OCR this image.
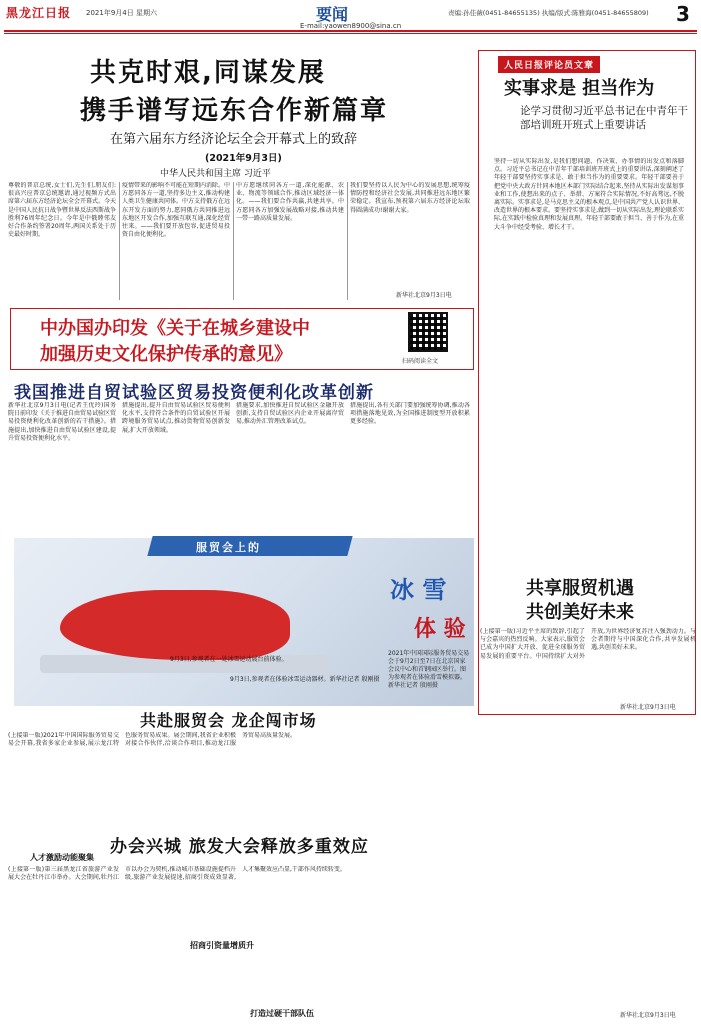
黑龙江日报 2021年9月4日 星期六	要闻
E-mail:yaowen8900@sina.cn
责编:孙佳薇(0451-84655135) 执编/版式:陈雅海(0451-84655809) 3
共克时艰,同谋发展
携手谱写远东合作新篇章
在第六届东方经济论坛全会开幕式上的致辞
(2021年9月3日)
中华人民共和国主席 习近平
尊敬的普京总统,女士们,先生们,朋友们:很高兴应普京总统邀请,通过视频方式出席第六届东方经济论坛全会开幕式。今天是中国人民抗日战争暨世界反法西斯战争胜利76周年纪念日。今年是中俄睦邻友好合作条约签署20周年,两国关系处于历史最好时期。
疫情带来的影响不可能在短期内消除。中方愿同各方一道,坚持多边主义,推动构建人类卫生健康共同体。中方支持俄方在远东开发方面的努力,愿同俄方共同推进远东地区开发合作,加强互联互通,深化经贸往来。——我们要开放包容,促进贸易投资自由化便利化。
中方愿继续同各方一道,深化能源、农业、物流等领域合作,推动区域经济一体化。——我们要合作共赢,共建共享。中方愿同各方加强发展战略对接,推动共建一带一路高质量发展。
我们要坚持以人民为中心的发展思想,统筹疫情防控和经济社会发展,共同推进远东地区繁荣稳定。我宣布,预祝第六届东方经济论坛取得圆满成功!谢谢大家。
新华社北京9月3日电
人民日报评论员文章
实事求是 担当作为
论学习贯彻习近平总书记在中青年干部培训班开班式上重要讲话
坚持一切从实际出发,是我们想问题、作决策、办事情的出发点和落脚点。习近平总书记在中青年干部培训班开班式上的重要讲话,深刻阐述了年轻干部要坚持实事求是、敢于担当作为的重要要求。年轻干部要善于把党中央大政方针同本地区本部门实际结合起来,坚持从实际出发谋划事业和工作,使想出来的点子、举措、方案符合实际情况,不好高骛远,不脱离实际。实事求是,是马克思主义的根本观点,是中国共产党人认识世界、改造世界的根本要求。要坚持实事求是,做到一切从实际出发,理论联系实际,在实践中检验真理和发展真理。年轻干部要敢于担当、善于作为,在重大斗争中经受考验、增长才干。
新华社北京9月3日电
中办国办印发《关于在城乡建设中
加强历史文化保护传承的意见》	扫码阅读全文
我国推进自贸试验区贸易投资便利化改革创新
新华社北京9月3日电(记者王优玲)国务院日前印发《关于推进自由贸易试验区贸易投资便利化改革创新的若干措施》。措施提出,加快推进自由贸易试验区建设,提升贸易投资便利化水平。
措施提出,提升自由贸易试验区贸易便利化水平,支持符合条件的自贸试验区开展跨境服务贸易试点,推动货物贸易创新发展,扩大开放领域。
措施要求,加快推进自贸试验区金融开放创新,支持自贸试验区内企业开展离岸贸易,推动外汇管理改革试点。
措施提出,各有关部门要加强统筹协调,推动各项措施落地见效,为全国推进制度型开放积累更多经验。
服贸会上的
冰 雪
体 验
2021年中国国际服务贸易交易会于9月2日至7日在北京国家会议中心和首钢园区举行。图为参观者在体验滑雪模拟器。新华社记者 殷刚摄
9月3日,参观者在一处冰雪运动展台前体验。
9月3日,参观者在体验冰雪运动器材。新华社记者 殷刚摄
共赴服贸会 龙企闯市场
(上接第一版)2021年中国国际服务贸易交易会开幕,我省多家企业参展,展示龙江特色服务贸易成果。展会期间,我省企业积极对接合作伙伴,洽谈合作项目,推动龙江服务贸易高质量发展。
办会兴城 旅发大会释放多重效应
人才激励动能聚集
(上接第一版)第三届黑龙江省旅游产业发展大会在牡丹江市举办。大会期间,牡丹江市以办会为契机,推动城市基础设施提档升级,旅游产业发展提速,招商引资成效显著,人才集聚效应凸显,干部作风持续转变。
招商引资量增质升
打造过硬干部队伍
共享服贸机遇
共创美好未来
(上接第一版)习近平主席的致辞,引起了与会嘉宾的热烈反响。大家表示,服贸会已成为中国扩大开放、促进全球服务贸易发展的重要平台。中国持续扩大对外开放,为世界经济复苏注入强劲动力。与会者期待与中国深化合作,共享发展机遇,共创美好未来。
新华社北京9月3日电
